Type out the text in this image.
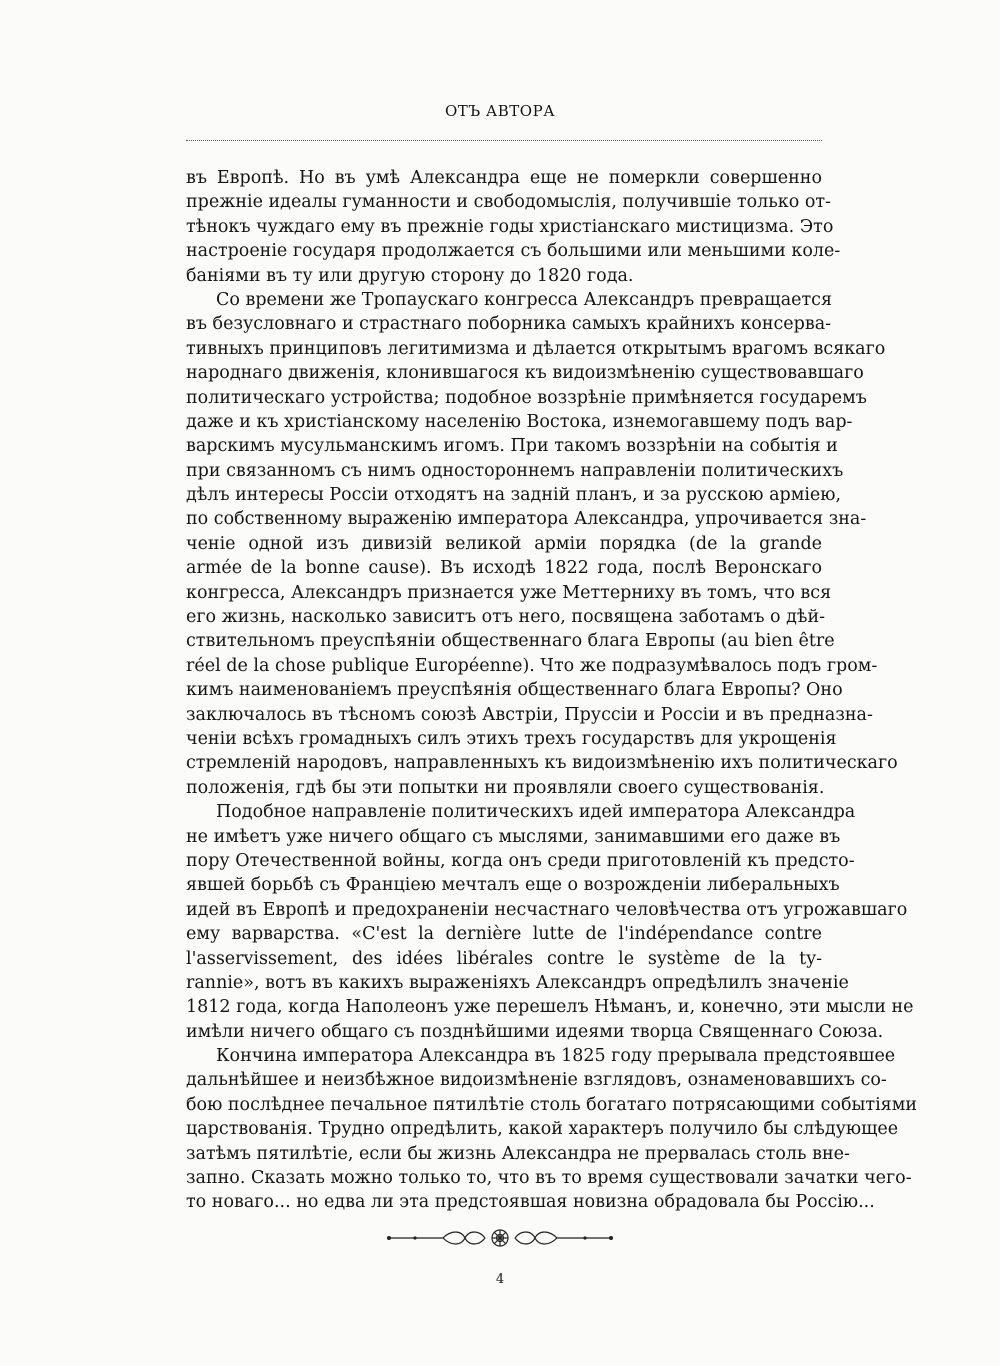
ОТЪ АВТОРА
въ Европѣ. Но въ умѣ Александра еще не померкли совершенно
прежніе идеалы гуманности и свободомыслія, получившіе только от-
тѣнокъ чуждаго ему въ прежніе годы христіанскаго мистицизма. Это
настроеніе государя продолжается съ большими или меньшими коле-
баніями въ ту или другую сторону до 1820 года.
Со времени же Тропаускаго конгресса Александръ превращается
въ безусловнаго и страстнаго поборника самыхъ крайнихъ консерва-
тивныхъ принциповъ легитимизма и дѣлается открытымъ врагомъ всякаго
народнаго движенія, клонившагося къ видоизмѣненію существовавшаго
политическаго устройства; подобное воззрѣніе примѣняется государемъ
даже и къ христіанскому населенію Востока, изнемогавшему подъ вар-
варскимъ мусульманскимъ игомъ. При такомъ воззрѣніи на событія и
при связанномъ съ нимъ одностороннемъ направленіи политическихъ
дѣлъ интересы Россіи отходятъ на задній планъ, и за русскою арміею,
по собственному выраженію императора Александра, упрочивается зна-
ченіе одной изъ дивизій великой арміи порядка (de la grande
armée de la bonne cause). Въ исходѣ 1822 года, послѣ Веронскаго
конгресса, Александръ признается уже Меттерниху въ томъ, что вся
его жизнь, насколько зависитъ отъ него, посвящена заботамъ о дѣй-
ствительномъ преуспѣяніи общественнаго блага Европы (au bien être
réel de la chose publique Européenne). Что же подразумѣвалось подъ гром-
кимъ наименованіемъ преуспѣянія общественнаго блага Европы? Оно
заключалось въ тѣсномъ союзѣ Австріи, Пруссіи и Россіи и въ предназна-
ченіи всѣхъ громадныхъ силъ этихъ трехъ государствъ для укрощенія
стремленій народовъ, направленныхъ къ видоизмѣненію ихъ политическаго
положенія, гдѣ бы эти попытки ни проявляли своего существованія.
Подобное направленіе политическихъ идей императора Александра
не имѣетъ уже ничего общаго съ мыслями, занимавшими его даже въ
пору Отечественной войны, когда онъ среди приготовленій къ предсто-
явшей борьбѣ съ Франціею мечталъ еще о возрожденіи либеральныхъ
идей въ Европѣ и предохраненіи несчастнаго человѣчества отъ угрожавшаго
ему варварства. «C'est la dernière lutte de l'indépendance contre
l'asservissement, des idées libérales contre le système de la ty-
rannie», вотъ въ какихъ выраженіяхъ Александръ опредѣлилъ значеніе
1812 года, когда Наполеонъ уже перешелъ Нѣманъ, и, конечно, эти мысли не
имѣли ничего общаго съ позднѣйшими идеями творца Священнаго Союза.
Кончина императора Александра въ 1825 году прерывала предстоявшее
дальнѣйшее и неизбѣжное видоизмѣненіе взглядовъ, ознаменовавшихъ со-
бою послѣднее печальное пятилѣтіе столь богатаго потрясающими событіями
царствованія. Трудно опредѣлить, какой характеръ получило бы слѣдующее
затѣмъ пятилѣтіе, если бы жизнь Александра не прервалась столь вне-
запно. Сказать можно только то, что въ то время существовали зачатки чего-
то новаго... но едва ли эта предстоявшая новизна обрадовала бы Россію...
4
